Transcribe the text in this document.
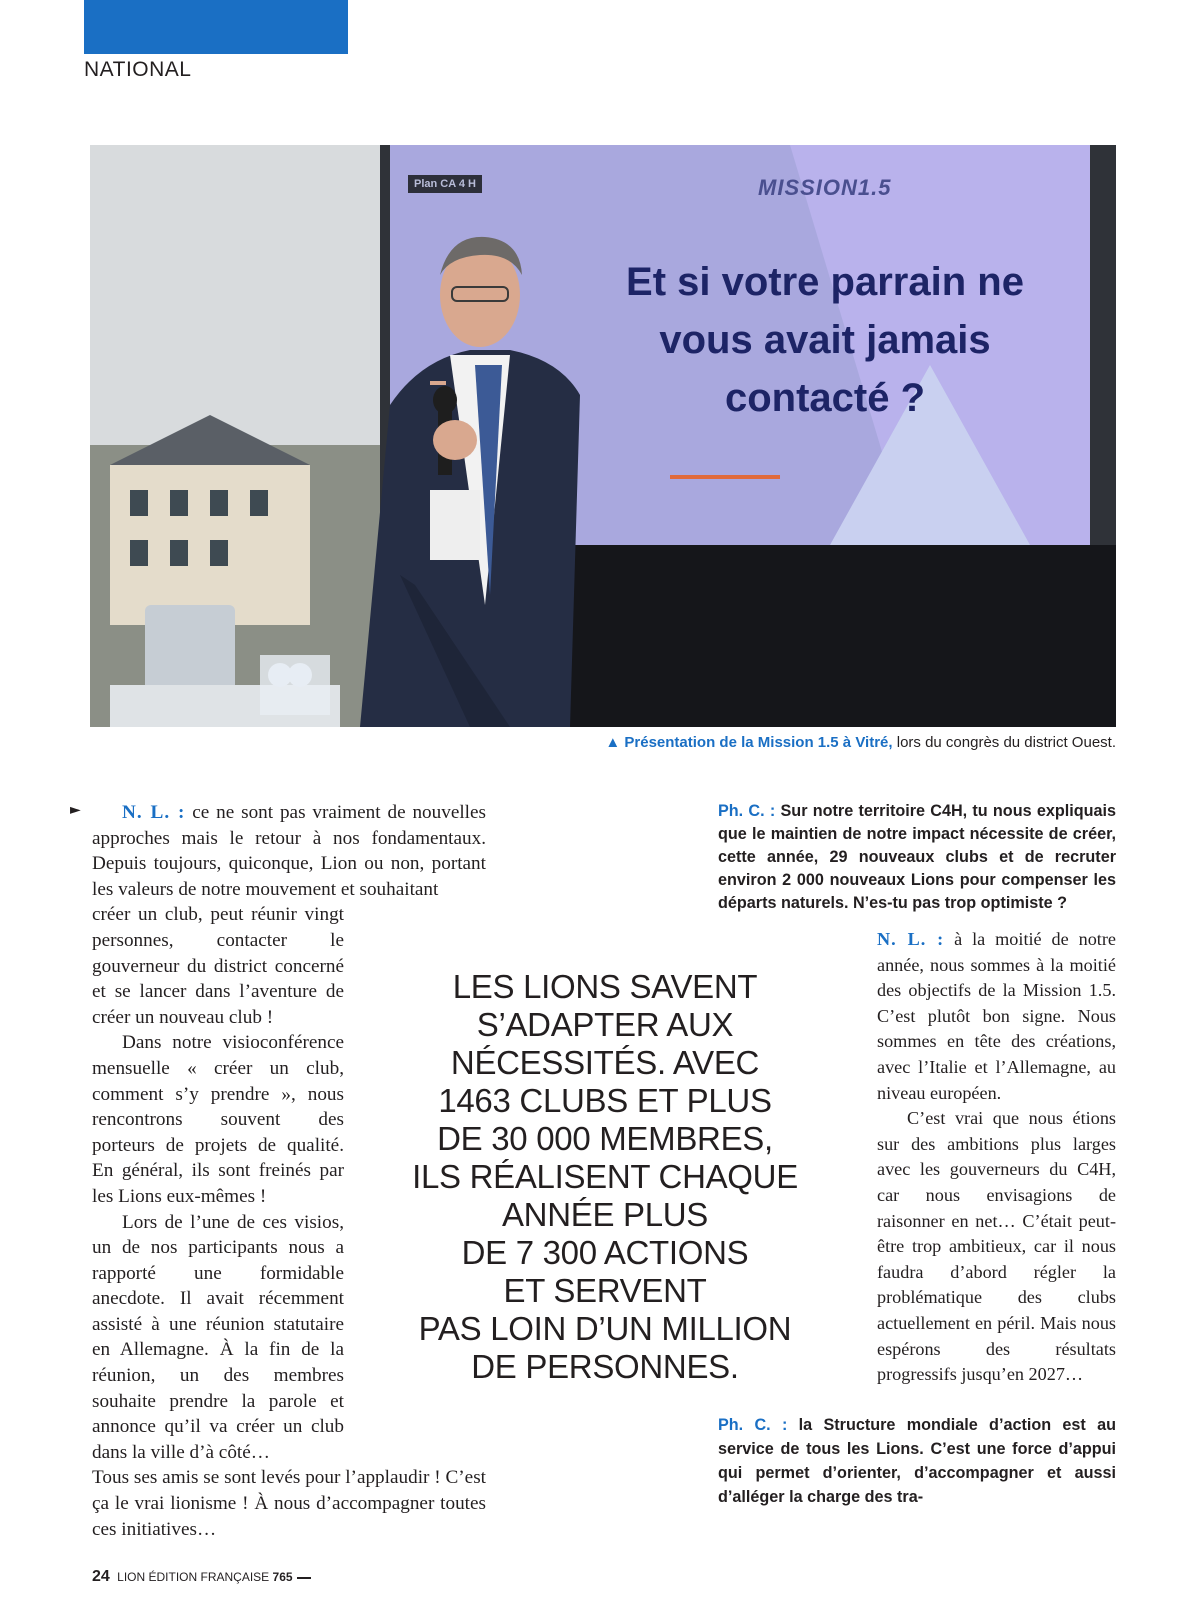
NATIONAL
Plan CA 4 H	MISSION1.5
Et si votre parrain ne
vous avait jamais
contacté ?
▲ Présentation de la Mission 1.5 à Vitré, lors du congrès du district Ouest.
►	N. L. : ce ne sont pas vraiment de nouvelles approches mais le retour à nos fondamentaux. Depuis toujours, quiconque, Lion ou non, portant les valeurs de notre mouvement et souhaitant

créer un club, peut réunir vingt personnes, contacter le gouverneur du district concerné et se lancer dans l’aventure de créer un nouveau club !

Dans notre visioconférence mensuelle « créer un club, comment s’y prendre », nous rencontrons souvent des porteurs de projets de qualité. En général, ils sont freinés par les Lions eux-mêmes !

Lors de l’une de ces visios, un de nos participants nous a rapporté une formidable anecdote. Il avait récemment assisté à une réunion statutaire en Allemagne. À la fin de la réunion, un des membres souhaite prendre la parole et annonce qu’il va créer un club dans la ville d’à côté…

Tous ses amis se sont levés pour l’applaudir ! C’est ça le vrai lionisme ! À nous d’accompagner toutes ces initiatives…

LES LIONS SAVENT
S’ADAPTER AUX
NÉCESSITÉS. AVEC
1463 CLUBS ET PLUS
DE 30 000 MEMBRES,
ILS RÉALISENT CHAQUE
ANNÉE PLUS
DE 7 300 ACTIONS
ET SERVENT
PAS LOIN D’UN MILLION
DE PERSONNES.
Ph. C. : Sur notre territoire C4H, tu nous expliquais que le maintien de notre impact nécessite de créer, cette année, 29 nouveaux clubs et de recruter environ 2 000 nouveaux Lions pour compenser les départs naturels. N’es-tu pas trop optimiste ?

N. L. : à la moitié de notre année, nous sommes à la moitié des objectifs de la Mission 1.5. C’est plutôt bon signe. Nous sommes en tête des créations, avec l’Italie et l’Allemagne, au niveau européen.

C’est vrai que nous étions sur des ambitions plus larges avec les gouverneurs du C4H, car nous envisagions de raisonner en net… C’était peut-être trop ambitieux, car il nous faudra d’abord régler la problématique des clubs actuellement en péril. Mais nous espérons des résultats progressifs jusqu’en 2027…

Ph. C. : la Structure mondiale d’action est au service de tous les Lions. C’est une force d’appui qui permet d’orienter, d’accompagner et aussi d’alléger la charge des tra-
24 LION ÉDITION FRANÇAISE 765
